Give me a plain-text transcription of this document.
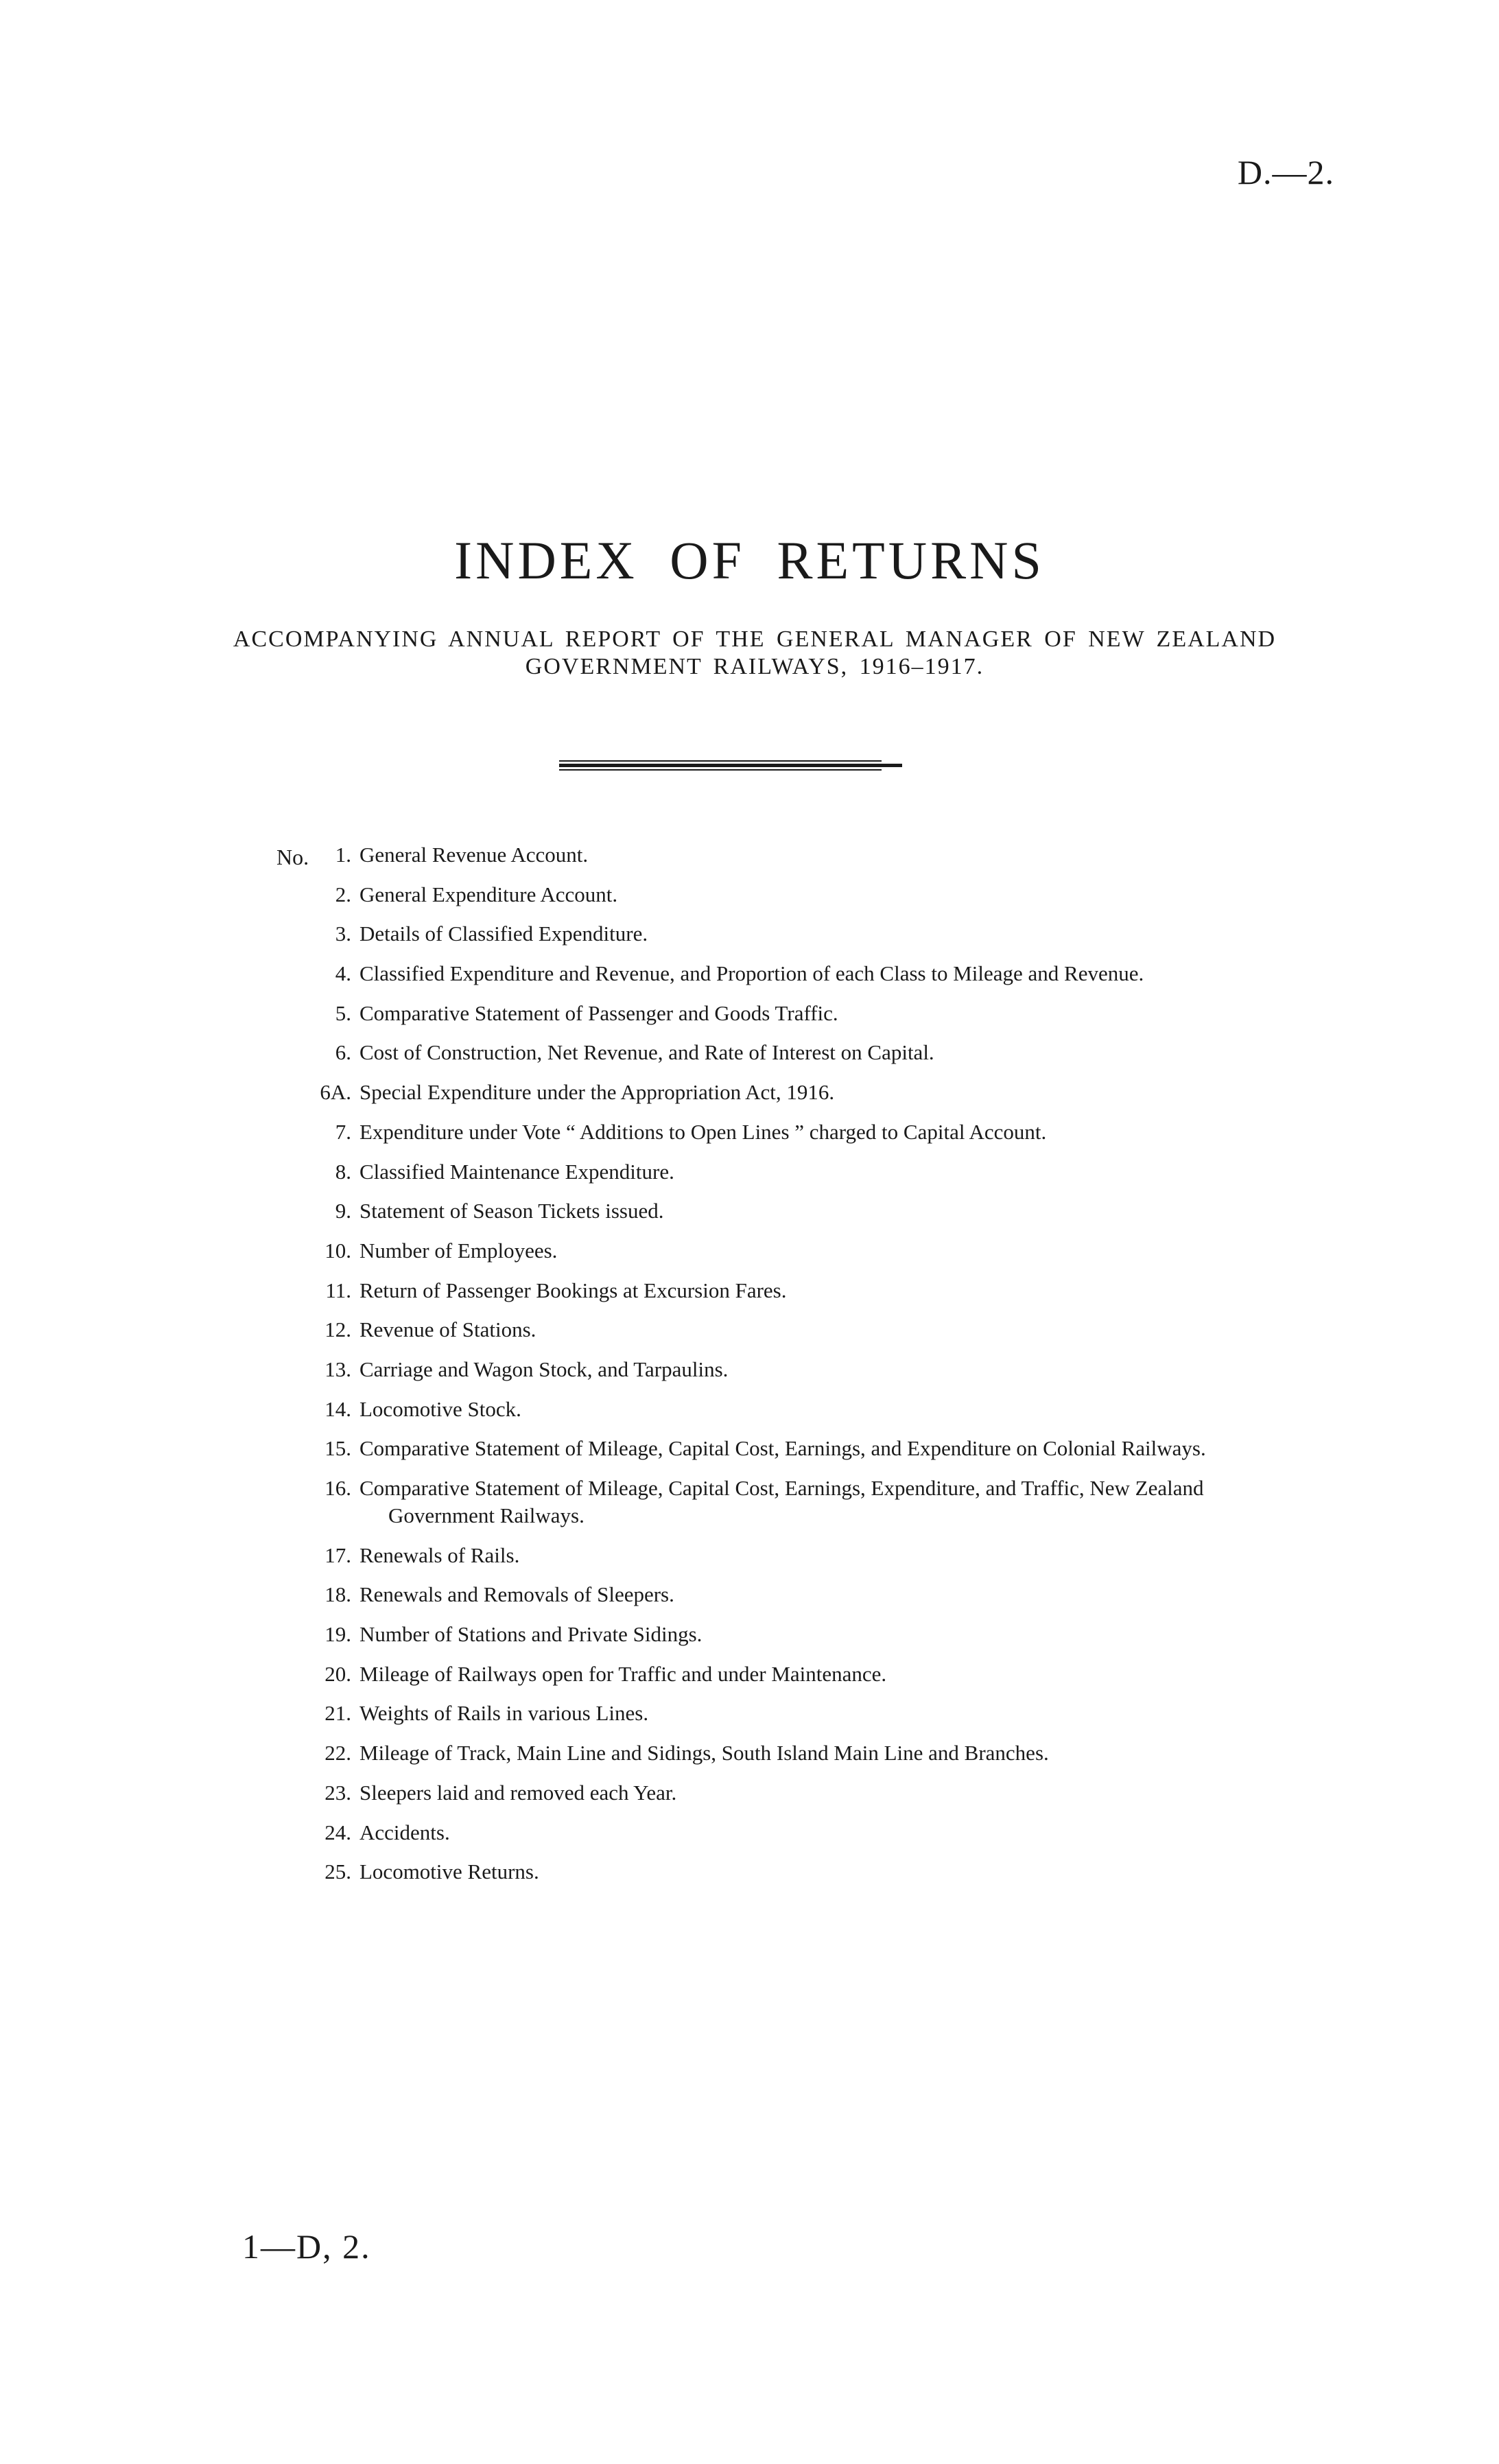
D.—2.
INDEX OF RETURNS
ACCOMPANYING ANNUAL REPORT OF THE GENERAL MANAGER OF NEW ZEALAND
GOVERNMENT RAILWAYS, 1916–1917.
No.	1. General Revenue Account.
2. General Expenditure Account.
3. Details of Classified Expenditure.
4. Classified Expenditure and Revenue, and Proportion of each Class to Mileage and Revenue.
5. Comparative Statement of Passenger and Goods Traffic.
6. Cost of Construction, Net Revenue, and Rate of Interest on Capital.
6A. Special Expenditure under the Appropriation Act, 1916.
7. Expenditure under Vote “ Additions to Open Lines ” charged to Capital Account.
8. Classified Maintenance Expenditure.
9. Statement of Season Tickets issued.
10. Number of Employees.
11. Return of Passenger Bookings at Excursion Fares.
12. Revenue of Stations.
13. Carriage and Wagon Stock, and Tarpaulins.
14. Locomotive Stock.
15. Comparative Statement of Mileage, Capital Cost, Earnings, and Expenditure on Colonial Railways.
16. Comparative Statement of Mileage, Capital Cost, Earnings, Expenditure, and Traffic, New Zealand
Government Railways.
17. Renewals of Rails.
18. Renewals and Removals of Sleepers.
19. Number of Stations and Private Sidings.
20. Mileage of Railways open for Traffic and under Maintenance.
21. Weights of Rails in various Lines.
22. Mileage of Track, Main Line and Sidings, South Island Main Line and Branches.
23. Sleepers laid and removed each Year.
24. Accidents.
25. Locomotive Returns.
1—D, 2.
